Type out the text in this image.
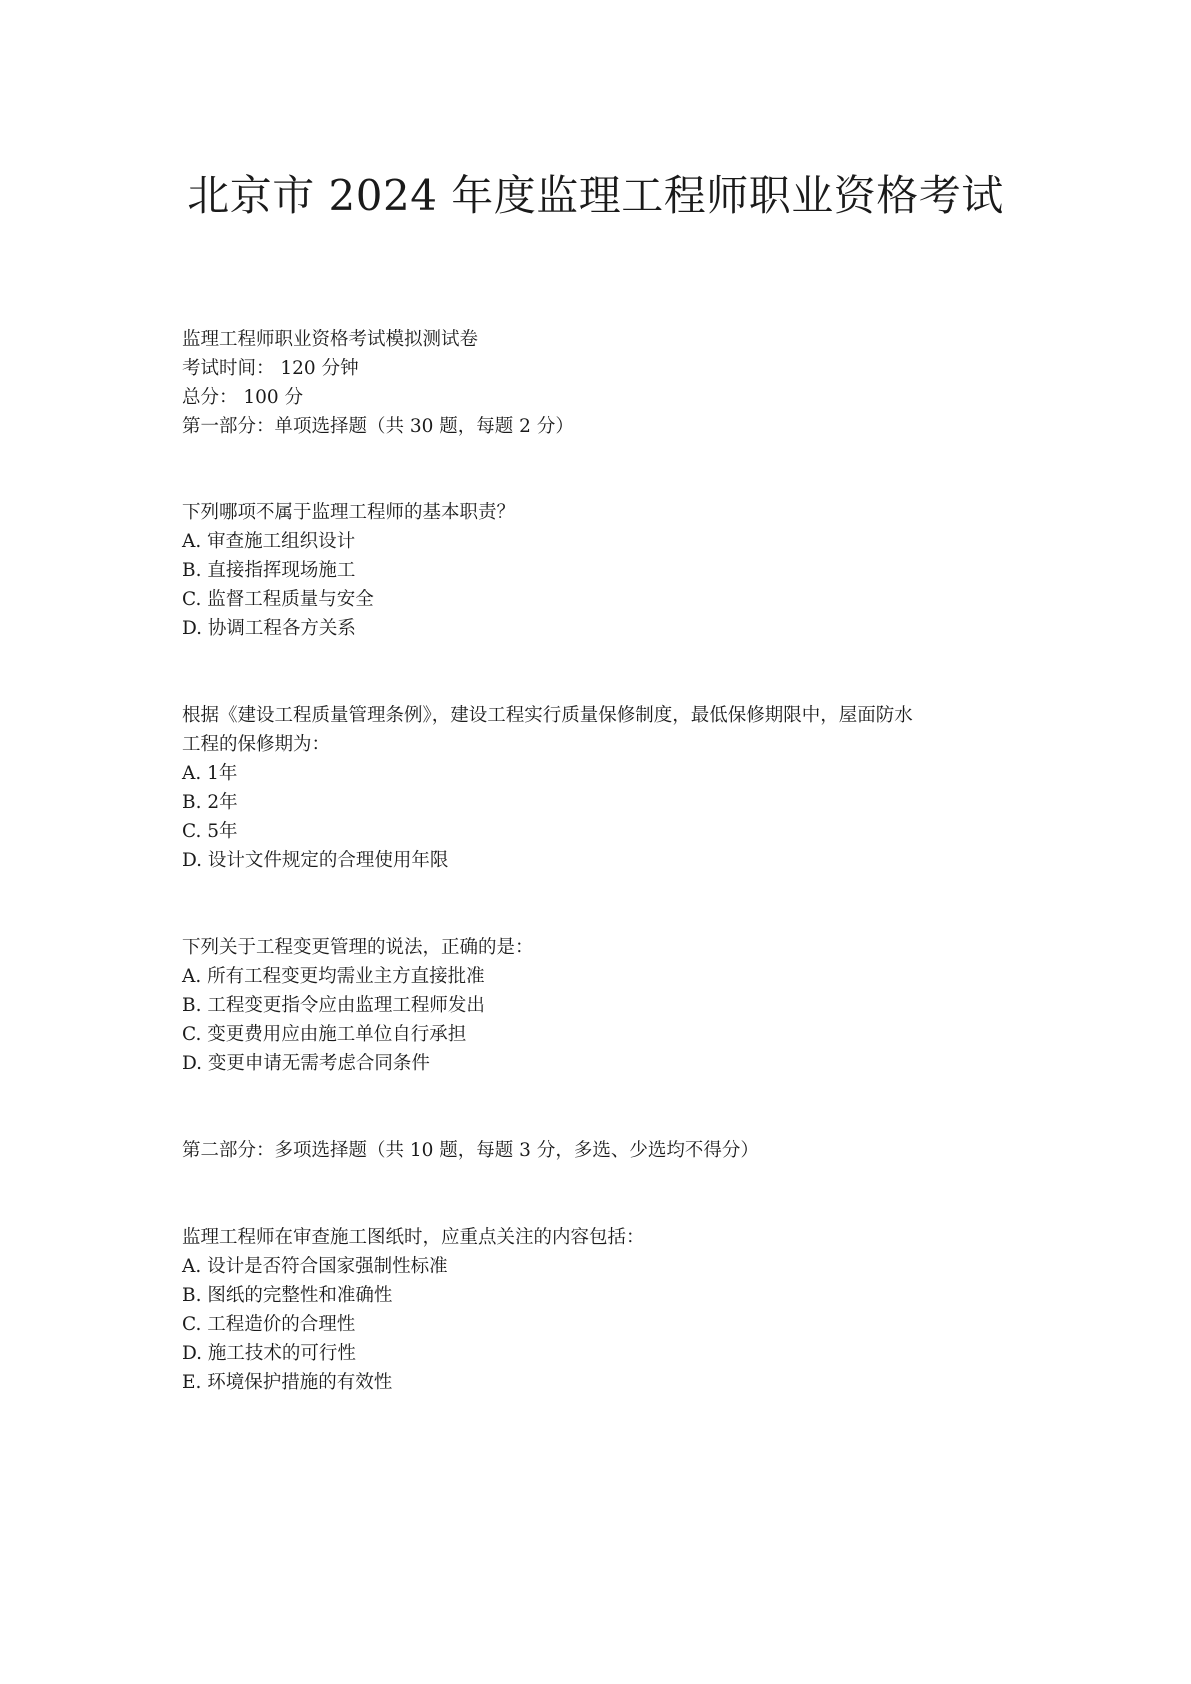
北京市 2024 年度监理工程师职业资格考试
监理工程师职业资格考试模拟测试卷
考试时间： 120 分钟
总分： 100 分
第一部分：单项选择题（共 30 题，每题 2 分）
下列哪项不属于监理工程师的基本职责？
A. 审查施工组织设计
B. 直接指挥现场施工
C. 监督工程质量与安全
D. 协调工程各方关系
根据《建设工程质量管理条例》，建设工程实行质量保修制度，最低保修期限中，屋面防水
工程的保修期为：
A. 1年
B. 2年
C. 5年
D. 设计文件规定的合理使用年限
下列关于工程变更管理的说法，正确的是：
A. 所有工程变更均需业主方直接批准
B. 工程变更指令应由监理工程师发出
C. 变更费用应由施工单位自行承担
D. 变更申请无需考虑合同条件
第二部分：多项选择题（共 10 题，每题 3 分，多选、少选均不得分）
监理工程师在审查施工图纸时，应重点关注的内容包括：
A. 设计是否符合国家强制性标准
B. 图纸的完整性和准确性
C. 工程造价的合理性
D. 施工技术的可行性
E. 环境保护措施的有效性
